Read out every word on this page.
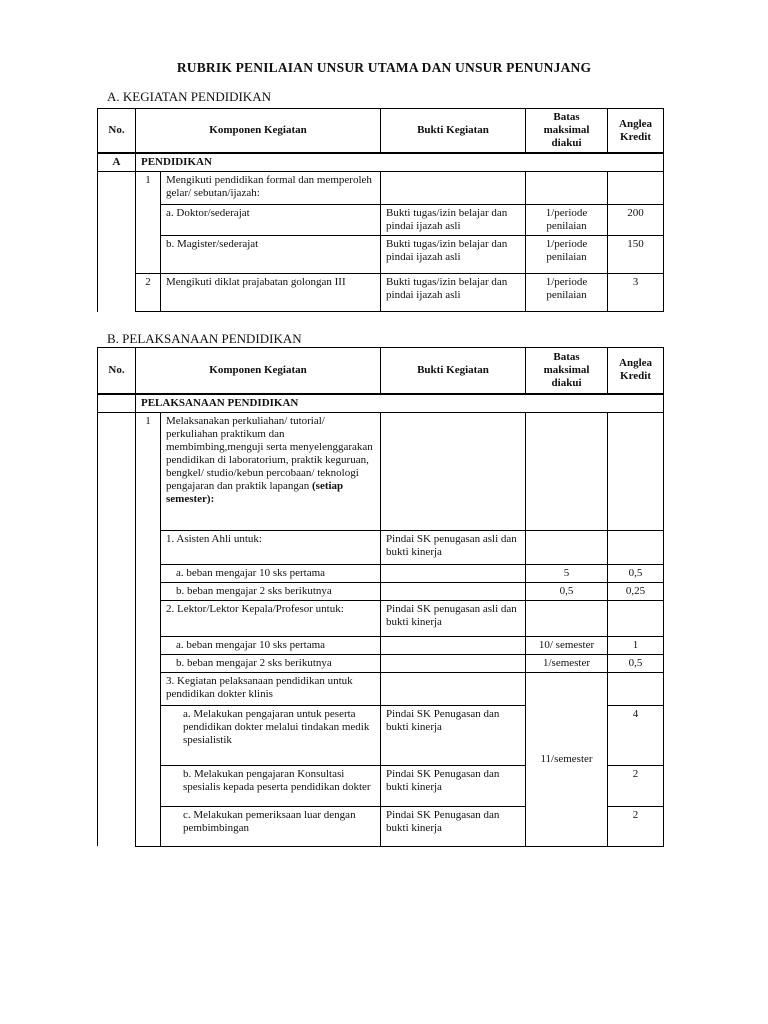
RUBRIK PENILAIAN UNSUR UTAMA DAN UNSUR PENUNJANG
A. KEGIATAN PENDIDIKAN
No.	Komponen Kegiatan		Bukti Kegiatan	Batas maksimal diakui	Anglea Kredit
A	PENDIDIKAN				
	1	Mengikuti pendidikan formal dan memperoleh gelar/ sebutan/ijazah:			
		a. Doktor/sederajat	Bukti tugas/izin belajar dan pindai ijazah asli	1/periode penilaian	200
		b. Magister/sederajat	Bukti tugas/izin belajar dan pindai ijazah asli	1/periode penilaian	150
	2	Mengikuti diklat prajabatan golongan III	Bukti tugas/izin belajar dan pindai ijazah asli	1/periode penilaian	3
B. PELAKSANAAN PENDIDIKAN
No.	Komponen Kegiatan		Bukti Kegiatan	Batas maksimal diakui	Anglea Kredit
	PELAKSANAAN PENDIDIKAN				
	1	Melaksanakan perkuliahan/ tutorial/ perkuliahan praktikum dan membimbing,menguji serta menyelenggarakan pendidikan di laboratorium, praktik keguruan, bengkel/ studio/kebun percobaan/ teknologi pengajaran dan praktik lapangan (setiap semester):			
		1. Asisten Ahli untuk:	Pindai SK penugasan asli dan bukti kinerja		
		a. beban mengajar 10 sks pertama		5	0,5
		b. beban mengajar 2 sks berikutnya		0,5	0,25
		2. Lektor/Lektor Kepala/Profesor untuk:	Pindai SK penugasan asli dan bukti kinerja		
		a. beban mengajar 10 sks pertama		10/ semester	1
		b. beban mengajar 2 sks berikutnya		1/semester	0,5
		3. Kegiatan pelaksanaan pendidikan untuk pendidikan dokter klinis		11/semester	
		a. Melakukan pengajaran untuk peserta pendidikan dokter melalui tindakan medik spesialistik	Pindai SK Penugasan dan bukti kinerja		4
		b. Melakukan pengajaran Konsultasi spesialis kepada peserta pendidikan dokter	Pindai SK Penugasan dan bukti kinerja		2
		c. Melakukan pemeriksaan luar dengan pembimbingan	Pindai SK Penugasan dan bukti kinerja		2
